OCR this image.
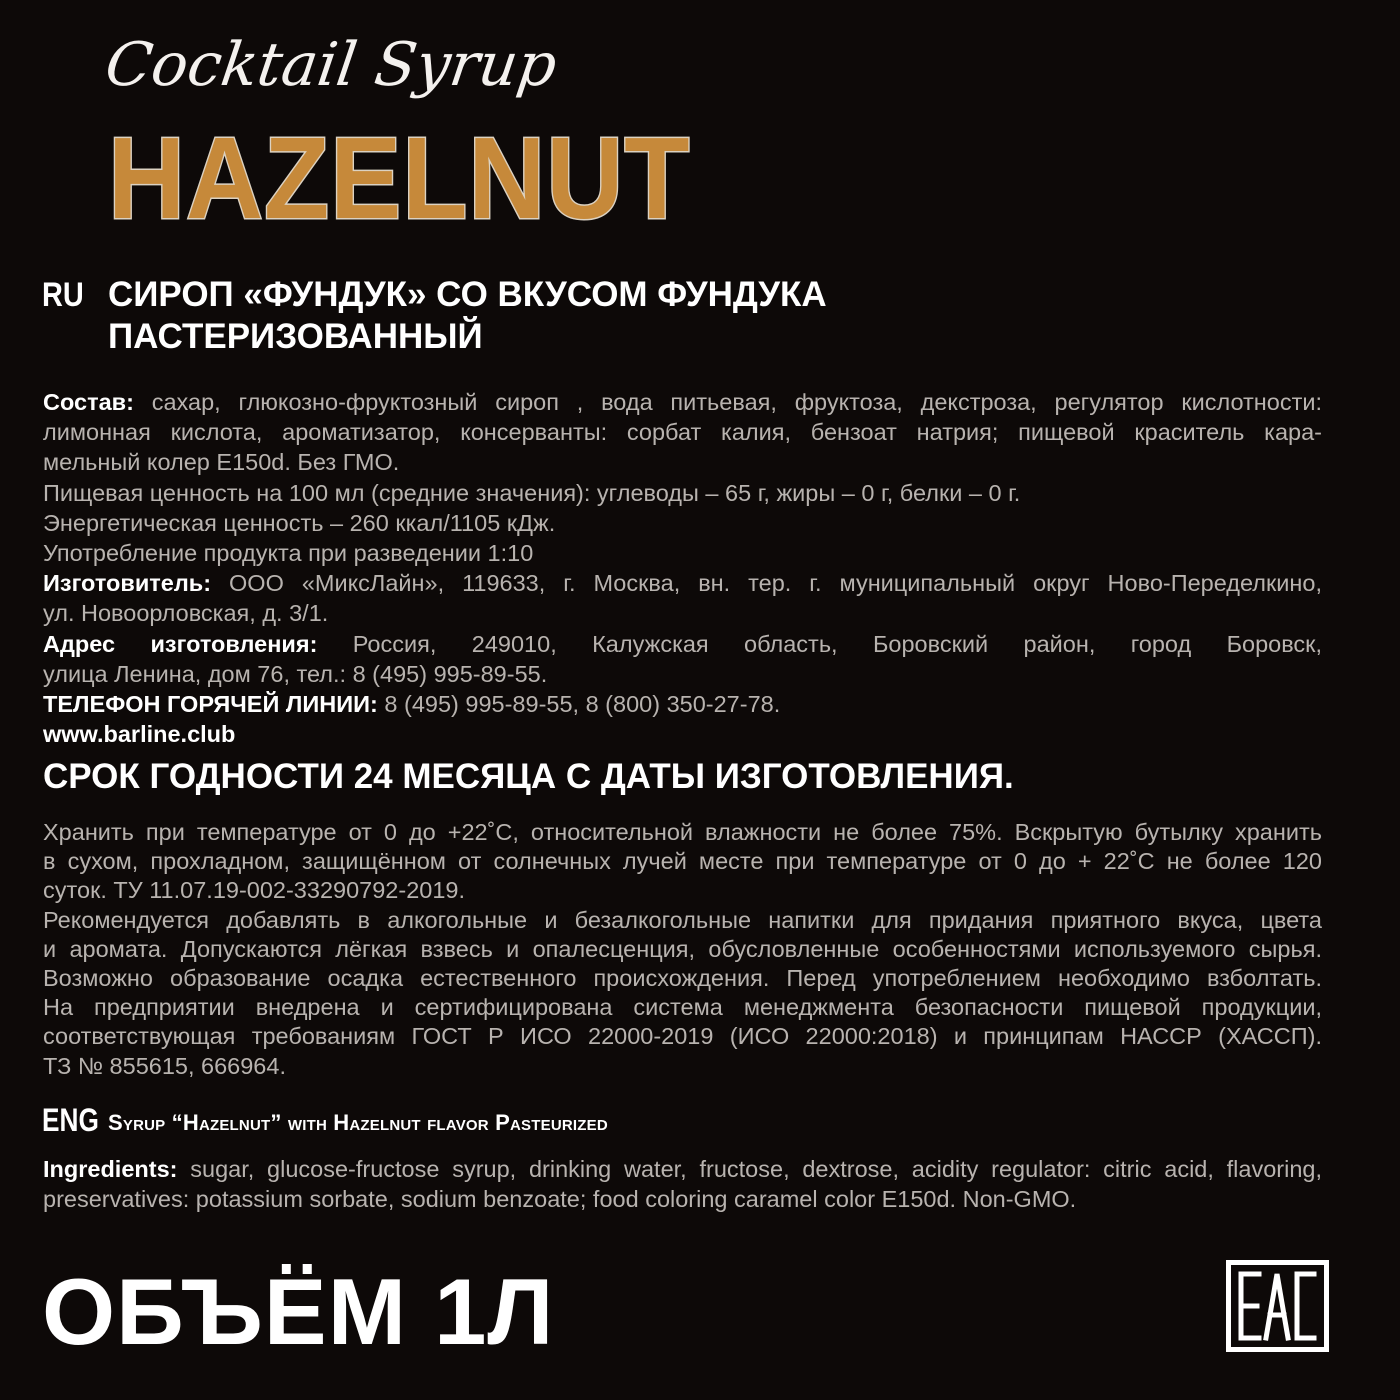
Cocktail Syrup
HAZELNUT
RU СИРОП «ФУНДУК» СО ВКУСОМ ФУНДУКА
ПАСТЕРИЗОВАННЫЙ
Состав: сахар, глюкозно-фруктозный сироп , вода питьевая, фруктоза, декстроза, регулятор кислотности:
лимонная кислота, ароматизатор, консерванты: сорбат калия, бензоат натрия; пищевой краситель кара-
мельный колер Е150d. Без ГМО.
Пищевая ценность на 100 мл (средние значения): углеводы – 65 г, жиры – 0 г, белки – 0 г.
Энергетическая ценность – 260 ккал/1105 кДж.
Употребление продукта при разведении 1:10
Изготовитель: ООО «МиксЛайн», 119633, г. Москва, вн. тер. г. муниципальный округ Ново-Переделкино,
ул. Новоорловская, д. 3/1.
Адрес изготовления: Россия, 249010, Калужская область, Боровский район, город Боровск,
улица Ленина, дом 76, тел.: 8 (495) 995-89-55.
ТЕЛЕФОН ГОРЯЧЕЙ ЛИНИИ: 8 (495) 995-89-55, 8 (800) 350-27-78.
www.barline.club
СРОК ГОДНОСТИ 24 МЕСЯЦА С ДАТЫ ИЗГОТОВЛЕНИЯ.
Хранить при температуре от 0 до +22˚С, относительной влажности не более 75%. Вскрытую бутылку хранить
в сухом, прохладном, защищённом от солнечных лучей месте при температуре от 0 до + 22˚С не более 120
суток. ТУ 11.07.19-002-33290792-2019.
Рекомендуется добавлять в алкогольные и безалкогольные напитки для придания приятного вкуса, цвета
и аромата. Допускаются лёгкая взвесь и опалесценция, обусловленные особенностями используемого сырья.
Возможно образование осадка естественного происхождения. Перед употреблением необходимо взболтать.
На предприятии внедрена и сертифицирована система менеджмента безопасности пищевой продукции,
соответствующая требованиям ГОСТ Р ИСО 22000-2019 (ИСО 22000:2018) и принципам НАССР (ХАССП).
ТЗ № 855615, 666964.
ENG Syrup “Hazelnut” with Hazelnut flavor Pasteurized
Ingredients: sugar, glucose-fructose syrup, drinking water, fructose, dextrose, acidity regulator: citric acid, flavoring,
preservatives: potassium sorbate, sodium benzoate; food coloring caramel color E150d. Non-GMO.
ОБЪЁМ 1Л
